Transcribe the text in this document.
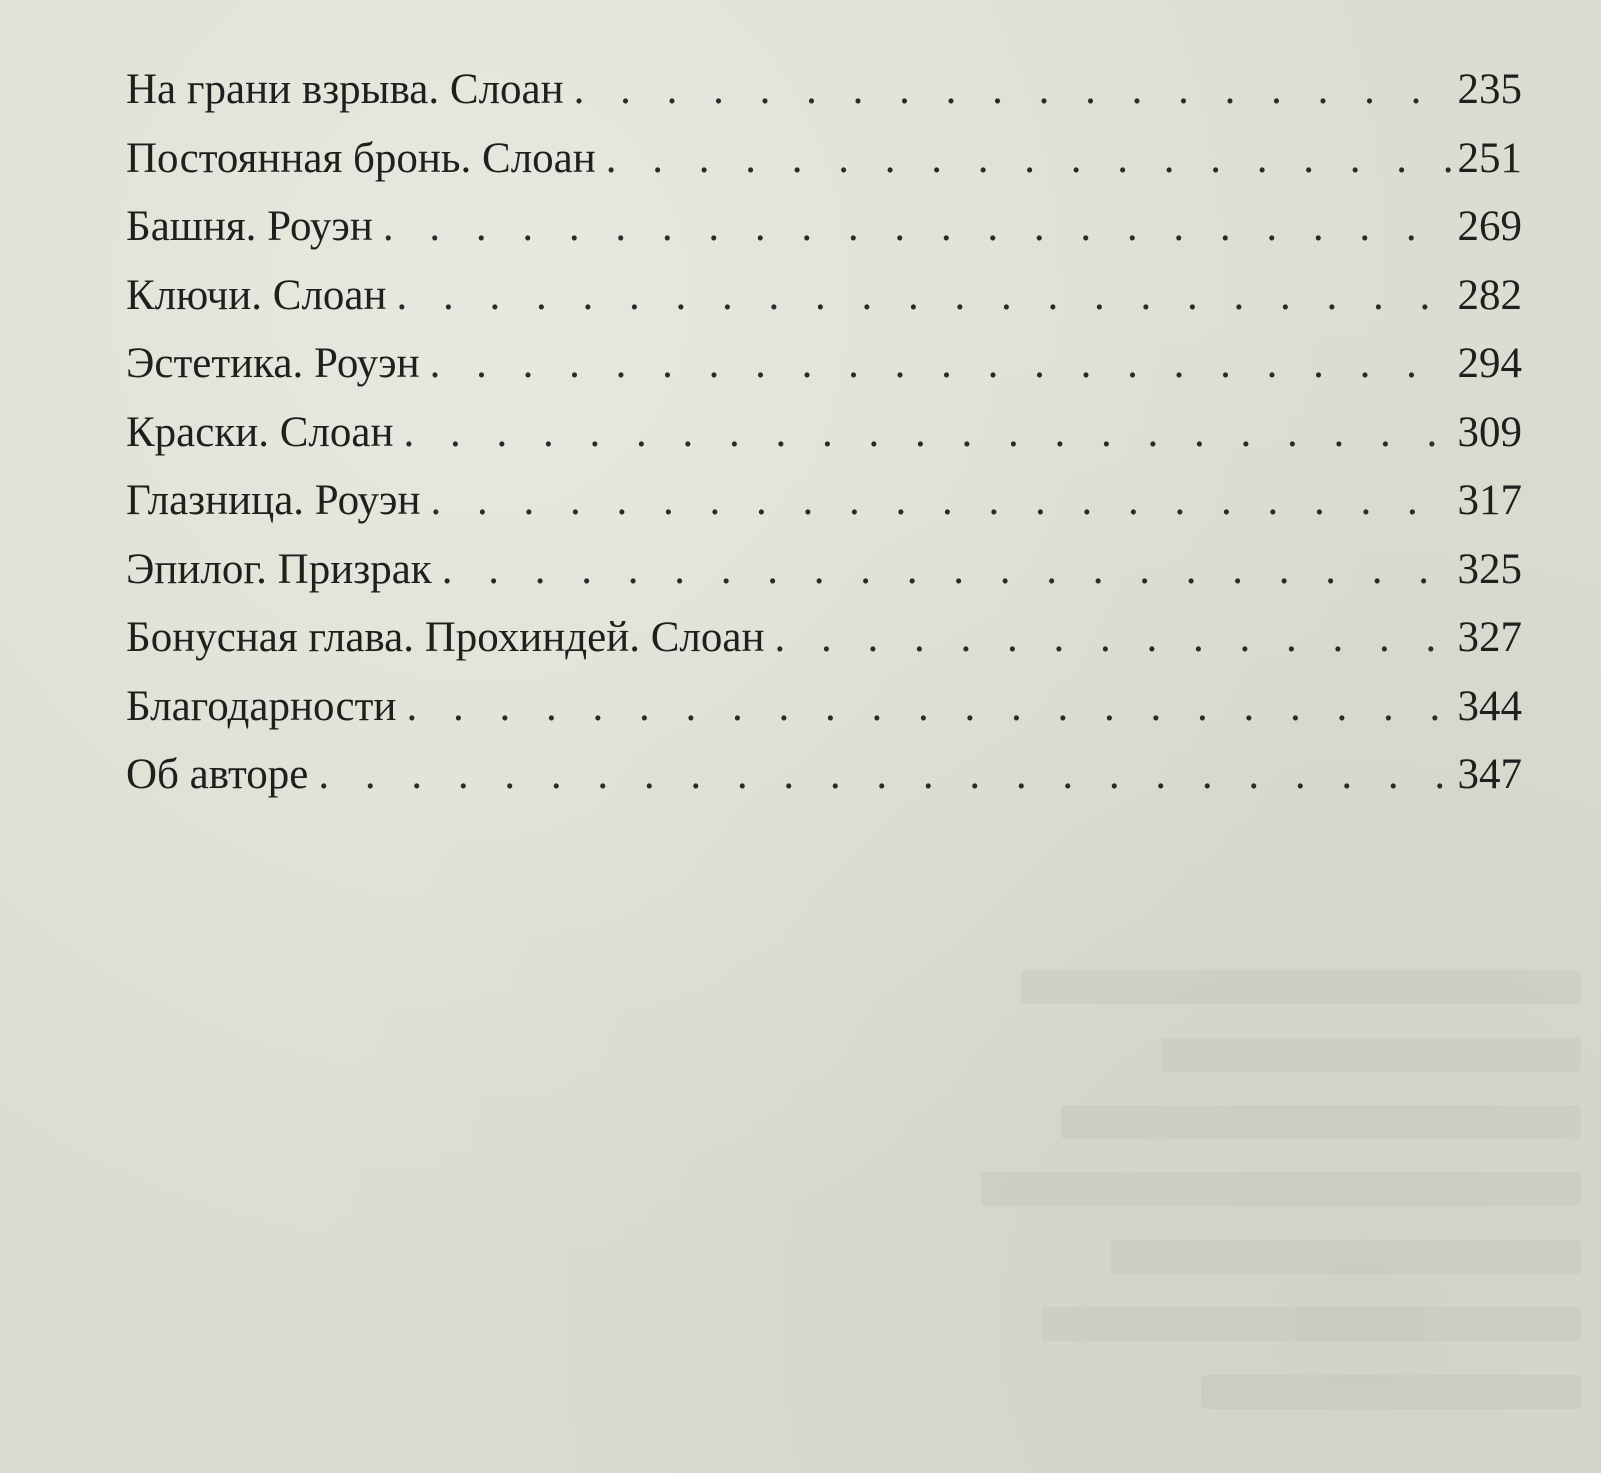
На грани взрыва. Слоан . . .	235
Постоянная бронь. Слоан . . .	251
Башня. Роуэн . . .	269
Ключи. Слоан . . .	282
Эстетика. Роуэн . . .	294
Краски. Слоан . . .	309
Глазница. Роуэн . . .	317
Эпилог. Призрак . . .	325
Бонусная глава. Прохиндей. Слоан . . .	327
Благодарности . . .	344
Об авторе . . .	347
